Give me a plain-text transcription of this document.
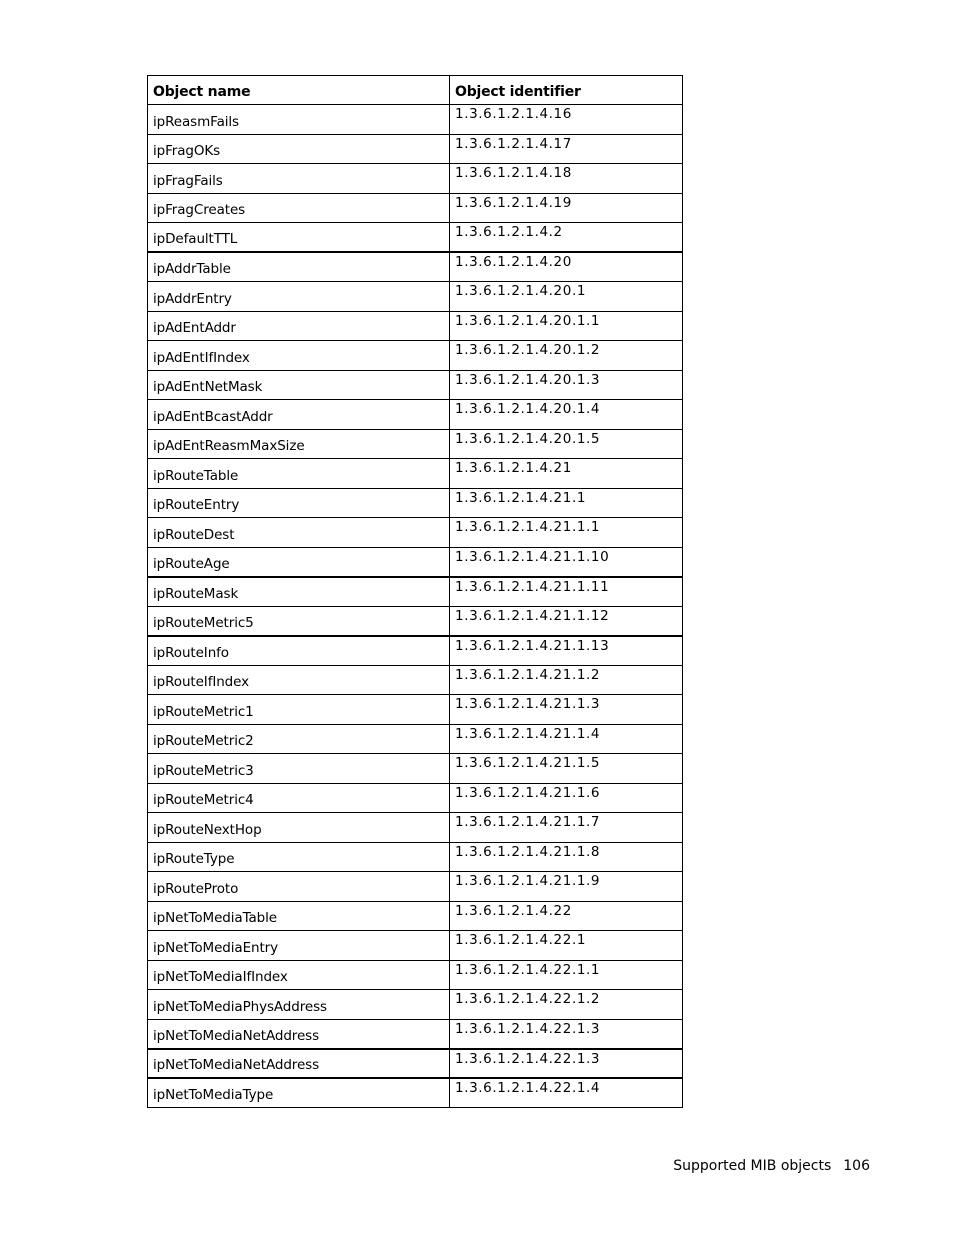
Object name	Object identifier
ipReasmFails	1.3.6.1.2.1.4.16
ipFragOKs	1.3.6.1.2.1.4.17
ipFragFails	1.3.6.1.2.1.4.18
ipFragCreates	1.3.6.1.2.1.4.19
ipDefaultTTL	1.3.6.1.2.1.4.2
ipAddrTable	1.3.6.1.2.1.4.20
ipAddrEntry	1.3.6.1.2.1.4.20.1
ipAdEntAddr	1.3.6.1.2.1.4.20.1.1
ipAdEntIfIndex	1.3.6.1.2.1.4.20.1.2
ipAdEntNetMask	1.3.6.1.2.1.4.20.1.3
ipAdEntBcastAddr	1.3.6.1.2.1.4.20.1.4
ipAdEntReasmMaxSize	1.3.6.1.2.1.4.20.1.5
ipRouteTable	1.3.6.1.2.1.4.21
ipRouteEntry	1.3.6.1.2.1.4.21.1
ipRouteDest	1.3.6.1.2.1.4.21.1.1
ipRouteAge	1.3.6.1.2.1.4.21.1.10
ipRouteMask	1.3.6.1.2.1.4.21.1.11
ipRouteMetric5	1.3.6.1.2.1.4.21.1.12
ipRouteInfo	1.3.6.1.2.1.4.21.1.13
ipRouteIfIndex	1.3.6.1.2.1.4.21.1.2
ipRouteMetric1	1.3.6.1.2.1.4.21.1.3
ipRouteMetric2	1.3.6.1.2.1.4.21.1.4
ipRouteMetric3	1.3.6.1.2.1.4.21.1.5
ipRouteMetric4	1.3.6.1.2.1.4.21.1.6
ipRouteNextHop	1.3.6.1.2.1.4.21.1.7
ipRouteType	1.3.6.1.2.1.4.21.1.8
ipRouteProto	1.3.6.1.2.1.4.21.1.9
ipNetToMediaTable	1.3.6.1.2.1.4.22
ipNetToMediaEntry	1.3.6.1.2.1.4.22.1
ipNetToMediaIfIndex	1.3.6.1.2.1.4.22.1.1
ipNetToMediaPhysAddress	1.3.6.1.2.1.4.22.1.2
ipNetToMediaNetAddress	1.3.6.1.2.1.4.22.1.3
ipNetToMediaNetAddress	1.3.6.1.2.1.4.22.1.3
ipNetToMediaType	1.3.6.1.2.1.4.22.1.4
Supported MIB objects 106
